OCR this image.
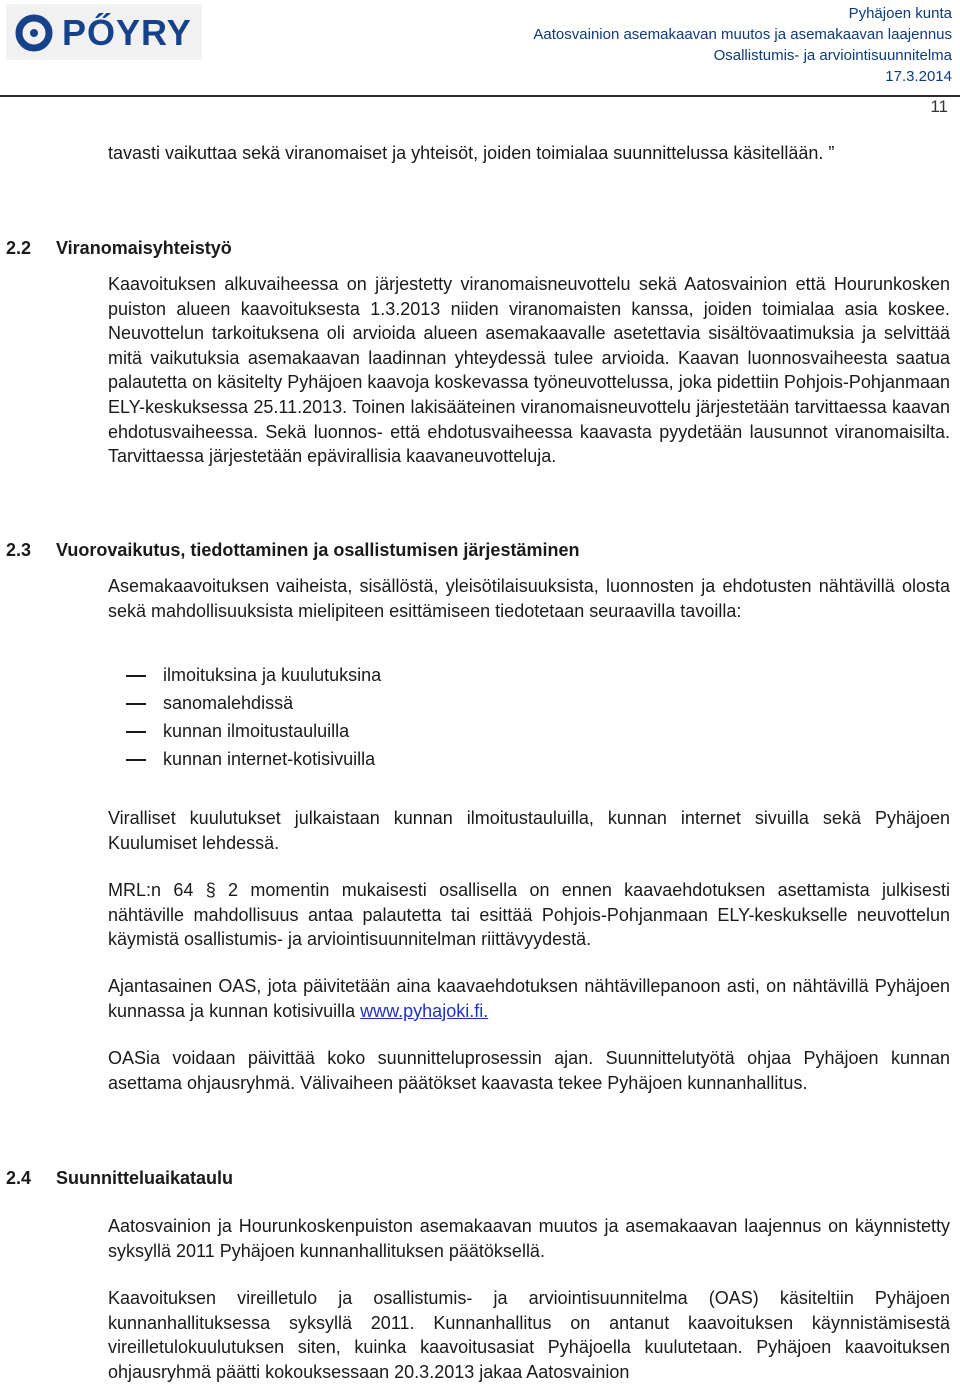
PŐYRY	Pyhäjoen kunta
Aatosvainion asemakaavan muutos ja asemakaavan laajennus
Osallistumis- ja arviointisuunnitelma
17.3.2014
11

tavasti vaikuttaa sekä viranomaiset ja yhteisöt, joiden toimialaa suunnittelussa käsitellään. ”

2.2 Viranomaisyhteistyö

Kaavoituksen alkuvaiheessa on järjestetty viranomaisneuvottelu sekä Aatosvainion että Hourunkosken puiston alueen kaavoituksesta 1.3.2013 niiden viranomaisten kanssa, joiden toimialaa asia koskee. Neuvottelun tarkoituksena oli arvioida alueen asemakaavalle asetettavia sisältövaatimuksia ja selvittää mitä vaikutuksia asemakaavan laadinnan yhteydessä tulee arvioida. Kaavan luonnosvaiheesta saatua palautetta on käsitelty Pyhäjoen kaavoja koskevassa työneuvottelussa, joka pidettiin Pohjois-Pohjanmaan ELY-keskuksessa 25.11.2013. Toinen lakisääteinen viranomaisneuvottelu järjestetään tarvittaessa kaavan ehdotusvaiheessa. Sekä luonnos- että ehdotusvaiheessa kaavasta pyydetään lausunnot viranomaisilta. Tarvittaessa järjestetään epävirallisia kaavaneuvotteluja.

2.3 Vuorovaikutus, tiedottaminen ja osallistumisen järjestäminen

Asemakaavoituksen vaiheista, sisällöstä, yleisötilaisuuksista, luonnosten ja ehdotusten nähtävillä olosta sekä mahdollisuuksista mielipiteen esittämiseen tiedotetaan seuraavilla tavoilla:

ilmoituksina ja kuulutuksina
sanomalehdissä
kunnan ilmoitustauluilla
kunnan internet-kotisivuilla

Viralliset kuulutukset julkaistaan kunnan ilmoitustauluilla, kunnan internet sivuilla sekä Pyhäjoen Kuulumiset lehdessä.

MRL:n 64 § 2 momentin mukaisesti osallisella on ennen kaavaehdotuksen asettamista julkisesti nähtäville mahdollisuus antaa palautetta tai esittää Pohjois-Pohjanmaan ELY-keskukselle neuvottelun käymistä osallistumis- ja arviointisuunnitelman riittävyydestä.

Ajantasainen OAS, jota päivitetään aina kaavaehdotuksen nähtävillepanoon asti, on nähtävillä Pyhäjoen kunnassa ja kunnan kotisivuilla www.pyhajoki.fi.

OASia voidaan päivittää koko suunnitteluprosessin ajan. Suunnittelutyötä ohjaa Pyhäjoen kunnan asettama ohjausryhmä. Välivaiheen päätökset kaavasta tekee Pyhäjoen kunnanhallitus.

2.4 Suunnitteluaikataulu

Aatosvainion ja Hourunkoskenpuiston asemakaavan muutos ja asemakaavan laajennus on käynnistetty syksyllä 2011 Pyhäjoen kunnanhallituksen päätöksellä.

Kaavoituksen vireilletulo ja osallistumis- ja arviointisuunnitelma (OAS) käsiteltiin Pyhäjoen kunnanhallituksessa syksyllä 2011. Kunnanhallitus on antanut kaavoituksen käynnistämisestä vireilletulokuulutuksen siten, kuinka kaavoitusasiat Pyhäjoella kuulutetaan. Pyhäjoen kaavoituksen ohjausryhmä päätti kokouksessaan 20.3.2013 jakaa Aatosvainion
